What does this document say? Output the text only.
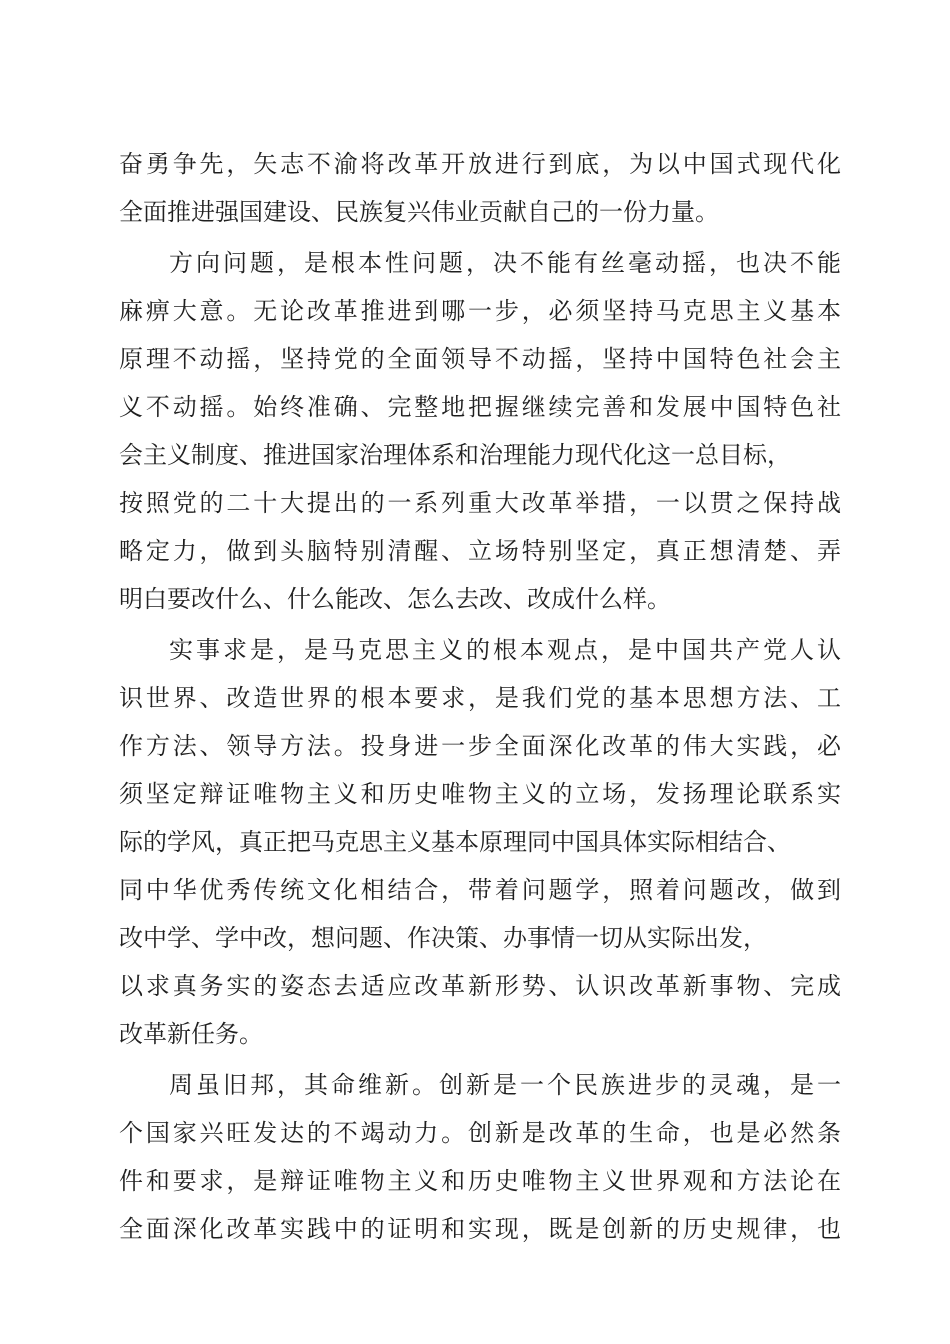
奋勇争先，矢志不渝将改革开放进行到底，为以中国式现代化
全面推进强国建设、民族复兴伟业贡献自己的一份力量。
方向问题，是根本性问题，决不能有丝毫动摇，也决不能
麻痹大意。无论改革推进到哪一步，必须坚持马克思主义基本
原理不动摇，坚持党的全面领导不动摇，坚持中国特色社会主
义不动摇。始终准确、完整地把握继续完善和发展中国特色社
会主义制度、推进国家治理体系和治理能力现代化这一总目标，
按照党的二十大提出的一系列重大改革举措，一以贯之保持战
略定力，做到头脑特别清醒、立场特别坚定，真正想清楚、弄
明白要改什么、什么能改、怎么去改、改成什么样。
实事求是，是马克思主义的根本观点，是中国共产党人认
识世界、改造世界的根本要求，是我们党的基本思想方法、工
作方法、领导方法。投身进一步全面深化改革的伟大实践，必
须坚定辩证唯物主义和历史唯物主义的立场，发扬理论联系实
际的学风，真正把马克思主义基本原理同中国具体实际相结合、
同中华优秀传统文化相结合，带着问题学，照着问题改，做到
改中学、学中改，想问题、作决策、办事情一切从实际出发，
以求真务实的姿态去适应改革新形势、认识改革新事物、完成
改革新任务。
周虽旧邦，其命维新。创新是一个民族进步的灵魂，是一
个国家兴旺发达的不竭动力。创新是改革的生命，也是必然条
件和要求，是辩证唯物主义和历史唯物主义世界观和方法论在
全面深化改革实践中的证明和实现，既是创新的历史规律，也
